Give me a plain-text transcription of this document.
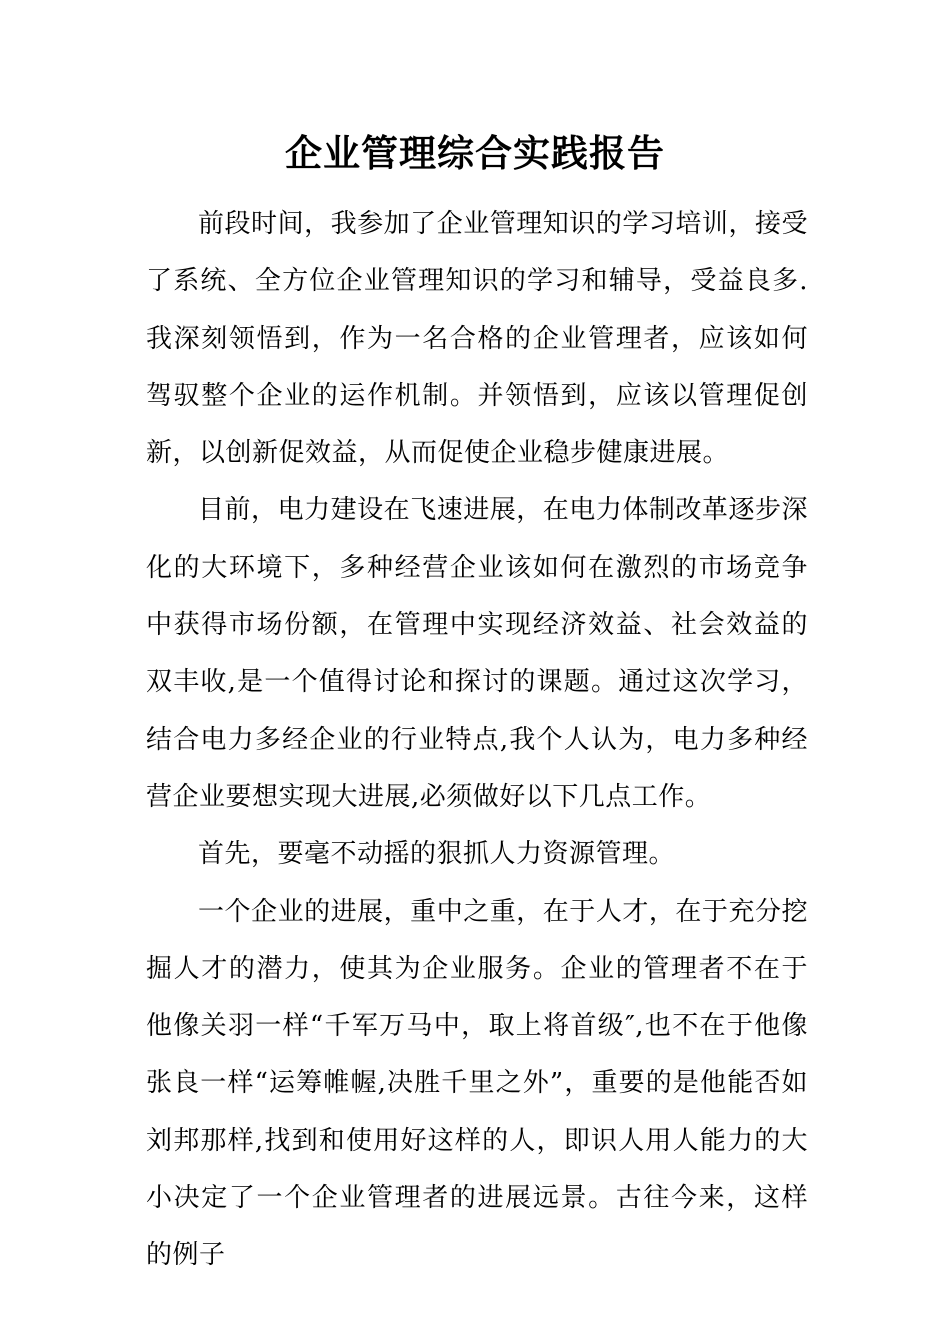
企业管理综合实践报告

前段时间，我参加了企业管理知识的学习培训，接受了系统、全方位企业管理知识的学习和辅导，受益良多.我深刻领悟到，作为一名合格的企业管理者，应该如何驾驭整个企业的运作机制。并领悟到，应该以管理促创新，以创新促效益，从而促使企业稳步健康进展。

目前，电力建设在飞速进展，在电力体制改革逐步深化的大环境下，多种经营企业该如何在激烈的市场竞争中获得市场份额，在管理中实现经济效益、社会效益的双丰收,是一个值得讨论和探讨的课题。通过这次学习，结合电力多经企业的行业特点,我个人认为，电力多种经营企业要想实现大进展,必须做好以下几点工作。

首先，要毫不动摇的狠抓人力资源管理。

一个企业的进展，重中之重，在于人才，在于充分挖掘人才的潜力，使其为企业服务。企业的管理者不在于他像关羽一样“千军万马中，取上将首级″,也不在于他像张良一样“运筹帷幄,决胜千里之外”，重要的是他能否如刘邦那样,找到和使用好这样的人，即识人用人能力的大小决定了一个企业管理者的进展远景。古往今来，这样的例子
